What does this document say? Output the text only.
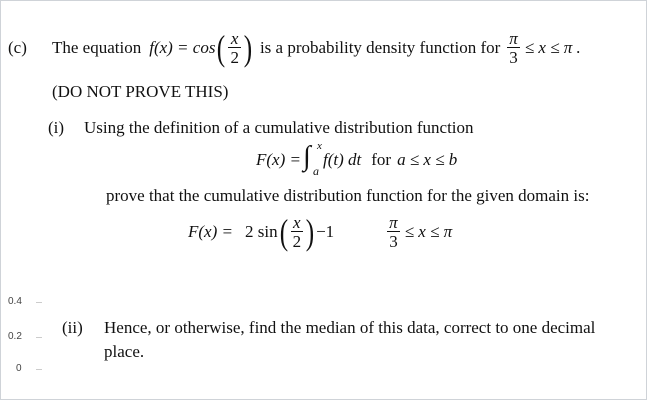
(c) The equation f(x) = cos ( $\frac{x}{2}$ ) is a probability density function for $\frac{\pi}{3} \le x \le \pi$ .
(DO NOT PROVE THIS)
(i) Using the definition of a cumulative distribution function
F(x) = ∫ x
a
f(t) dt for a ≤ x ≤ b
prove that the cumulative distribution function for the given domain is:
F(x) = 2 sin ( $\frac{x}{2}$ ) −1	$\frac{\pi}{3} \le x \le \pi$
0.4
0.2
0
(ii) Hence, or otherwise, find the median of this data, correct to one decimal
place.
